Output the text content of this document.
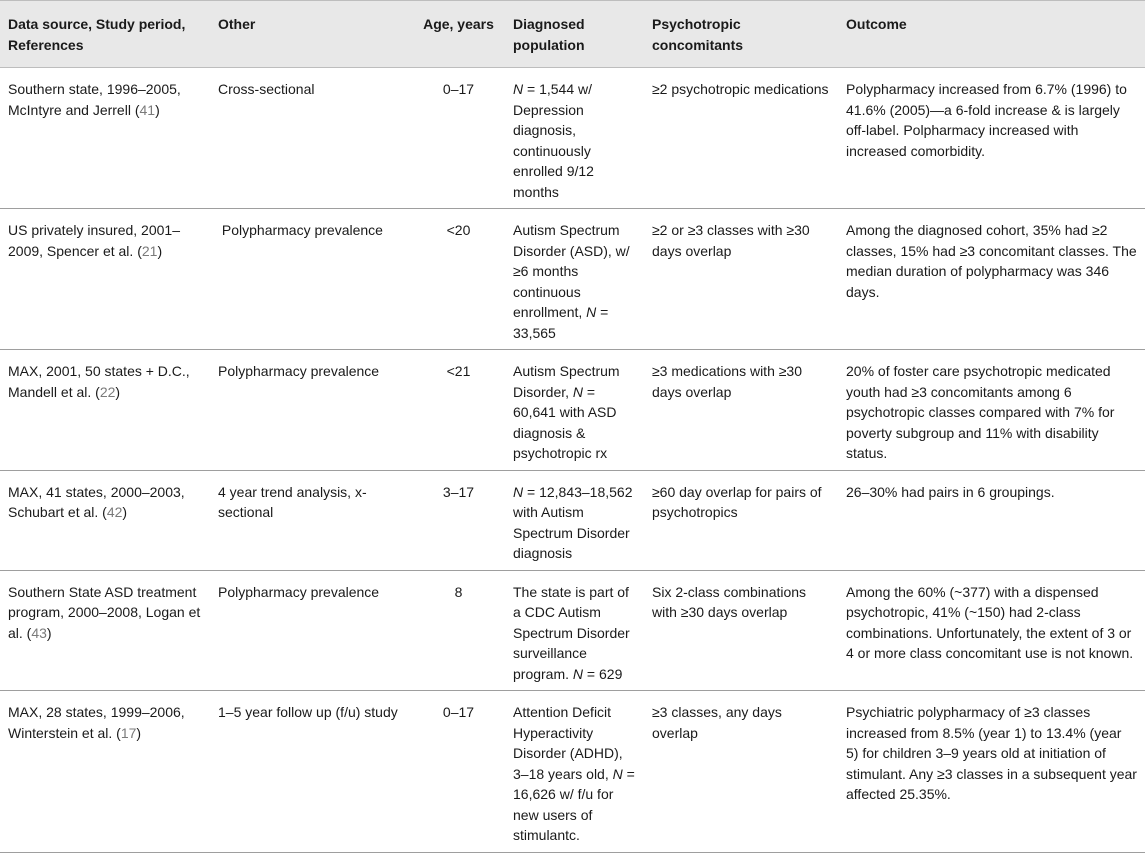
Data source, Study period, References	Other	Age, years	Diagnosed population	Psychotropic concomitants	Outcome
Southern state, 1996–2005, McIntyre and Jerrell (41)	Cross-sectional	0–17	N = 1,544 w/ Depression diagnosis, continuously enrolled 9/12 months	≥2 psychotropic medications	Polypharmacy increased from 6.7% (1996) to 41.6% (2005)—a 6-fold increase & is largely off-label. Polpharmacy increased with increased comorbidity.
US privately insured, 2001–2009, Spencer et al. (21)	Polypharmacy prevalence	<20	Autism Spectrum Disorder (ASD), w/ ≥6 months continuous enrollment, N = 33,565	≥2 or ≥3 classes with ≥30 days overlap	Among the diagnosed cohort, 35% had ≥2 classes, 15% had ≥3 concomitant classes. The median duration of polypharmacy was 346 days.
MAX, 2001, 50 states + D.C., Mandell et al. (22)	Polypharmacy prevalence	<21	Autism Spectrum Disorder, N = 60,641 with ASD diagnosis & psychotropic rx	≥3 medications with ≥30 days overlap	20% of foster care psychotropic medicated youth had ≥3 concomitants among 6 psychotropic classes compared with 7% for poverty subgroup and 11% with disability status.
MAX, 41 states, 2000–2003, Schubart et al. (42)	4 year trend analysis, x-sectional	3–17	N = 12,843–18,562 with Autism Spectrum Disorder diagnosis	≥60 day overlap for pairs of psychotropics	26–30% had pairs in 6 groupings.
Southern State ASD treatment program, 2000–2008, Logan et al. (43)	Polypharmacy prevalence	8	The state is part of a CDC Autism Spectrum Disorder surveillance program. N = 629	Six 2-class combinations with ≥30 days overlap	Among the 60% (~377) with a dispensed psychotropic, 41% (~150) had 2-class combinations. Unfortunately, the extent of 3 or 4 or more class concomitant use is not known.
MAX, 28 states, 1999–2006, Winterstein et al. (17)	1–5 year follow up (f/u) study	0–17	Attention Deficit Hyperactivity Disorder (ADHD), 3–18 years old, N = 16,626 w/ f/u for new users of stimulantc.	≥3 classes, any days overlap	Psychiatric polypharmacy of ≥3 classes increased from 8.5% (year 1) to 13.4% (year 5) for children 3–9 years old at initiation of stimulant. Any ≥3 classes in a subsequent year affected 25.35%.
